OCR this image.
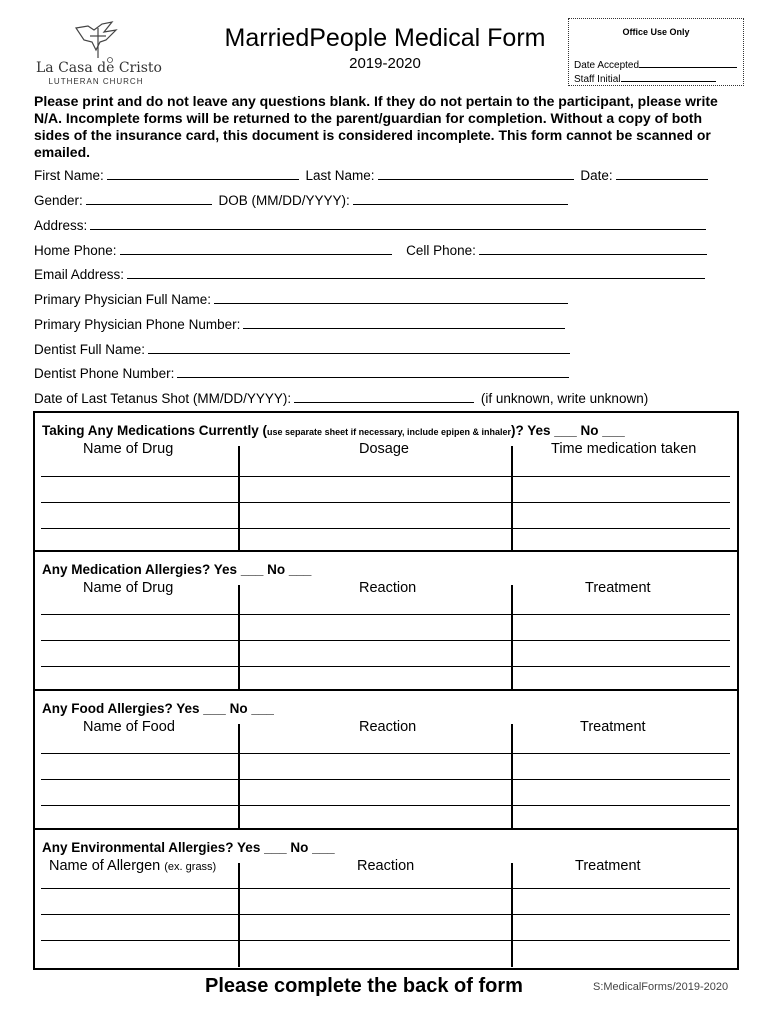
La Casa de Cristo
LUTHERAN CHURCH
MarriedPeople Medical Form
2019-2020
Office Use Only
Date Accepted
Staff Initial
Please print and do not leave any questions blank. If they do not pertain to the participant, please write N/A. Incomplete forms will be returned to the parent/guardian for completion. Without a copy of both sides of the insurance card, this document is considered incomplete. This form cannot be scanned or emailed.
First Name:	Last Name:	Date:
Gender:	DOB (MM/DD/YYYY):
Address:
Home Phone:	Cell Phone:
Email Address:
Primary Physician Full Name:
Primary Physician Phone Number:
Dentist Full Name:
Dentist Phone Number:
Date of Last Tetanus Shot (MM/DD/YYYY):	(if unknown, write unknown)
Taking Any Medications Currently (use separate sheet if necessary, include epipen & inhaler)? Yes ___ No ___
Name of Drug	Dosage	Time medication taken
Any Medication Allergies? Yes ___ No ___
Name of Drug	Reaction	Treatment
Any Food Allergies? Yes ___ No ___
Name of Food	Reaction	Treatment
Any Environmental Allergies? Yes ___ No ___
Name of Allergen (ex. grass)	Reaction	Treatment
Please complete the back of form	S:MedicalForms/2019-2020
